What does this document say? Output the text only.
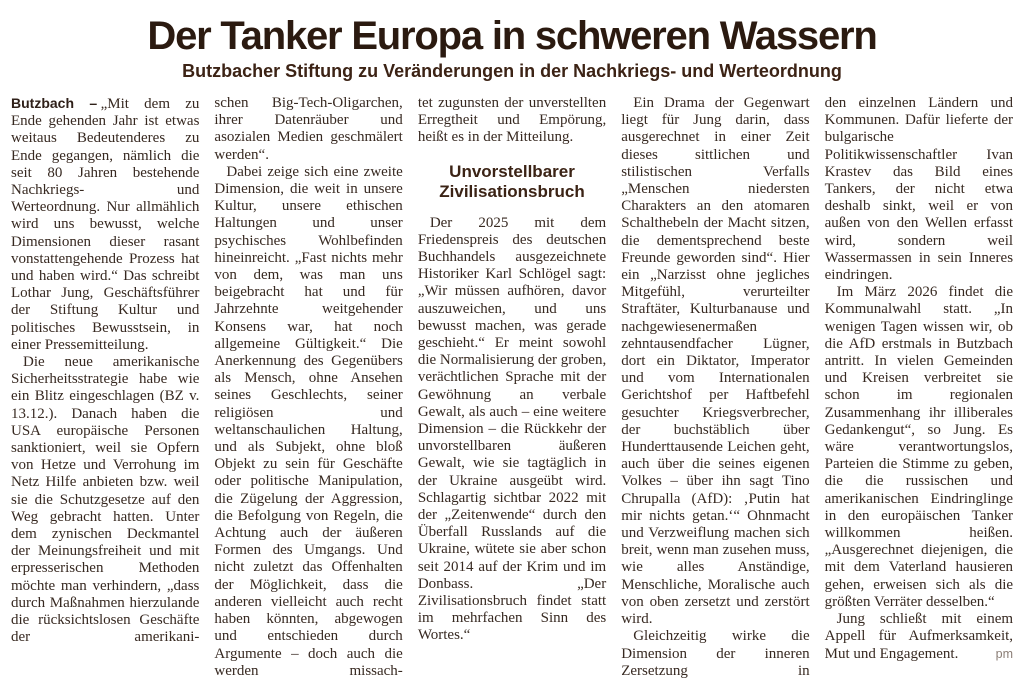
Der Tanker Europa in schweren Wassern
Butzbacher Stiftung zu Veränderungen in der Nachkriegs- und Werteordnung

Butzbach – „Mit dem zu Ende gehenden Jahr ist etwas weitaus Bedeutenderes zu Ende gegangen, nämlich die seit 80 Jahren bestehende Nachkriegs- und Werteordnung. Nur allmählich wird uns bewusst, welche Dimensionen dieser rasant vonstattengehende Prozess hat und haben wird.“ Das schreibt Lothar Jung, Geschäftsführer der Stiftung Kultur und politisches Bewusstsein, in einer Pressemitteilung.

Die neue amerikanische Sicherheitsstrategie habe wie ein Blitz eingeschlagen (BZ v. 13.12.). Danach haben die USA europäische Personen sanktioniert, weil sie Opfern von Hetze und Verrohung im Netz Hilfe anbieten bzw. weil sie die Schutzgesetze auf den Weg gebracht hatten. Unter dem zynischen Deckmantel der Meinungsfreiheit und mit erpresserischen Methoden möchte man verhindern, „dass durch Maßnahmen hierzulande die rücksichtslosen Geschäfte der amerikani-

schen Big-Tech-Oligarchen, ihrer Datenräuber und asozialen Medien geschmälert werden“.

Dabei zeige sich eine zweite Dimension, die weit in unsere Kultur, unsere ethischen Haltungen und unser psychisches Wohlbefinden hineinreicht. „Fast nichts mehr von dem, was man uns beigebracht hat und für Jahrzehnte weitgehender Konsens war, hat noch allgemeine Gültigkeit.“ Die Anerkennung des Gegenübers als Mensch, ohne Ansehen seines Geschlechts, seiner religiösen und weltanschaulichen Haltung, und als Subjekt, ohne bloß Objekt zu sein für Geschäfte oder politische Manipulation, die Zügelung der Aggression, die Befolgung von Regeln, die Achtung auch der äußeren Formen des Umgangs. Und nicht zuletzt das Offenhalten der Möglichkeit, dass die anderen vielleicht auch recht haben könnten, abgewogen und entschieden durch Argumente – doch auch die werden missach-

tet zugunsten der unverstellten Erregtheit und Empörung, heißt es in der Mitteilung.

Unvorstellbarer Zivilisationsbruch

Der 2025 mit dem Friedenspreis des deutschen Buchhandels ausgezeichnete Historiker Karl Schlögel sagt: „Wir müssen aufhören, davor auszuweichen, und uns bewusst machen, was gerade geschieht.“ Er meint sowohl die Normalisierung der groben, verächtlichen Sprache mit der Gewöhnung an verbale Gewalt, als auch – eine weitere Dimension – die Rückkehr der unvorstellbaren äußeren Gewalt, wie sie tagtäglich in der Ukraine ausgeübt wird. Schlagartig sichtbar 2022 mit der „Zeitenwende“ durch den Überfall Russlands auf die Ukraine, wütete sie aber schon seit 2014 auf der Krim und im Donbass. „Der Zivilisationsbruch findet statt im mehrfachen Sinn des Wortes.“

Ein Drama der Gegenwart liegt für Jung darin, dass ausgerechnet in einer Zeit dieses sittlichen und stilistischen Verfalls „Menschen niedersten Charakters an den atomaren Schalthebeln der Macht sitzen, die dementsprechend beste Freunde geworden sind“. Hier ein „Narzisst ohne jegliches Mitgefühl, verurteilter Straftäter, Kulturbanause und nachgewiesenermaßen zehntausendfacher Lügner, dort ein Diktator, Imperator und vom Internationalen Gerichtshof per Haftbefehl gesuchter Kriegsverbrecher, der buchstäblich über Hunderttausende Leichen geht, auch über die seines eigenen Volkes – über ihn sagt Tino Chrupalla (AfD): ‚Putin hat mir nichts getan.‘“ Ohnmacht und Verzweiflung machen sich breit, wenn man zusehen muss, wie alles Anständige, Menschliche, Moralische auch von oben zersetzt und zerstört wird.

Gleichzeitig wirke die Dimension der inneren Zersetzung in

den einzelnen Ländern und Kommunen. Dafür lieferte der bulgarische Politikwissenschaftler Ivan Krastev das Bild eines Tankers, der nicht etwa deshalb sinkt, weil er von außen von den Wellen erfasst wird, sondern weil Wassermassen in sein Inneres eindringen.

Im März 2026 findet die Kommunalwahl statt. „In wenigen Tagen wissen wir, ob die AfD erstmals in Butzbach antritt. In vielen Gemeinden und Kreisen verbreitet sie schon im regionalen Zusammenhang ihr illiberales Gedankengut“, so Jung. Es wäre verantwortungslos, Parteien die Stimme zu geben, die die russischen und amerikanischen Eindringlinge in den europäischen Tanker willkommen heißen. „Ausgerechnet diejenigen, die mit dem Vaterland hausieren gehen, erweisen sich als die größten Verräter desselben.“

Jung schließt mit einem Appell für Aufmerksamkeit, Mut und Engagement.	pm
